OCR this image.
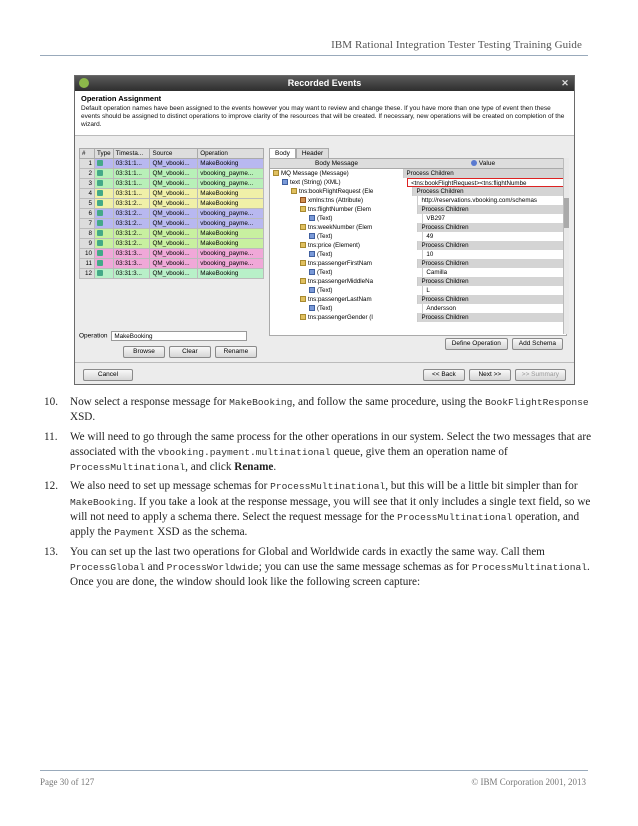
IBM Rational Integration Tester Testing Training Guide
Recorded Events	✕
Operation Assignment
Default operation names have been assigned to the events however you may want to review and change these. If you have more than one type of event then these events should be assigned to distinct operations to improve clarity of the resources that will be created. If necessary, new operations will be created on completion of the wizard.
#	Type	Timesta...	Source	Operation
1		03:31:1...	QM_vbooki...	MakeBooking
2		03:31:1...	QM_vbooki...	vbooking_payme...
3		03:31:1...	QM_vbooki...	vbooking_payme...
4		03:31:1...	QM_vbooki...	MakeBooking
5		03:31:2...	QM_vbooki...	MakeBooking
6		03:31:2...	QM_vbooki...	vbooking_payme...
7		03:31:2...	QM_vbooki...	vbooking_payme...
8		03:31:2...	QM_vbooki...	MakeBooking
9		03:31:2...	QM_vbooki...	MakeBooking
10		03:31:3...	QM_vbooki...	vbooking_payme...
11		03:31:3...	QM_vbooki...	vbooking_payme...
12		03:31:3...	QM_vbooki...	MakeBooking
Operation MakeBooking
Browse	Clear	Rename
Body Header
Body Message	Value
MQ Message (Message)	Process Children
text (String) (XML)	<tns:bookFlightRequest><tns:flightNumbe
tns:bookFlightRequest (Ele	Process Children
xmlns:tns (Attribute)	http://reservations.vbooking.com/schemas
tns:flightNumber (Elem	Process Children
(Text)	VB297
tns:weekNumber (Elem	Process Children
(Text)	49
tns:price (Element)	Process Children
(Text)	10
tns:passengerFirstNam	Process Children
(Text)	Camilla
tns:passengerMiddleNa	Process Children
(Text)	L
tns:passengerLastNam	Process Children
(Text)	Andersson
tns:passengerGender (I	Process Children
Define Operation	Add Schema
Cancel	<< Back	Next >>	>> Summary
10. Now select a response message for MakeBooking, and follow the same procedure, using the BookFlightResponse XSD.
11. We will need to go through the same process for the other operations in our system. Select the two messages that are associated with the vbooking.payment.multinational queue, give them an operation name of ProcessMultinational, and click Rename.
12. We also need to set up message schemas for ProcessMultinational, but this will be a little bit simpler than for MakeBooking. If you take a look at the response message, you will see that it only includes a single text field, so we will not need to apply a schema there. Select the request message for the ProcessMultinational operation, and apply the Payment XSD as the schema.
13. You can set up the last two operations for Global and Worldwide cards in exactly the same way. Call them ProcessGlobal and ProcessWorldwide; you can use the same message schemas as for ProcessMultinational. Once you are done, the window should look like the following screen capture:
Page 30 of 127	© IBM Corporation 2001, 2013
